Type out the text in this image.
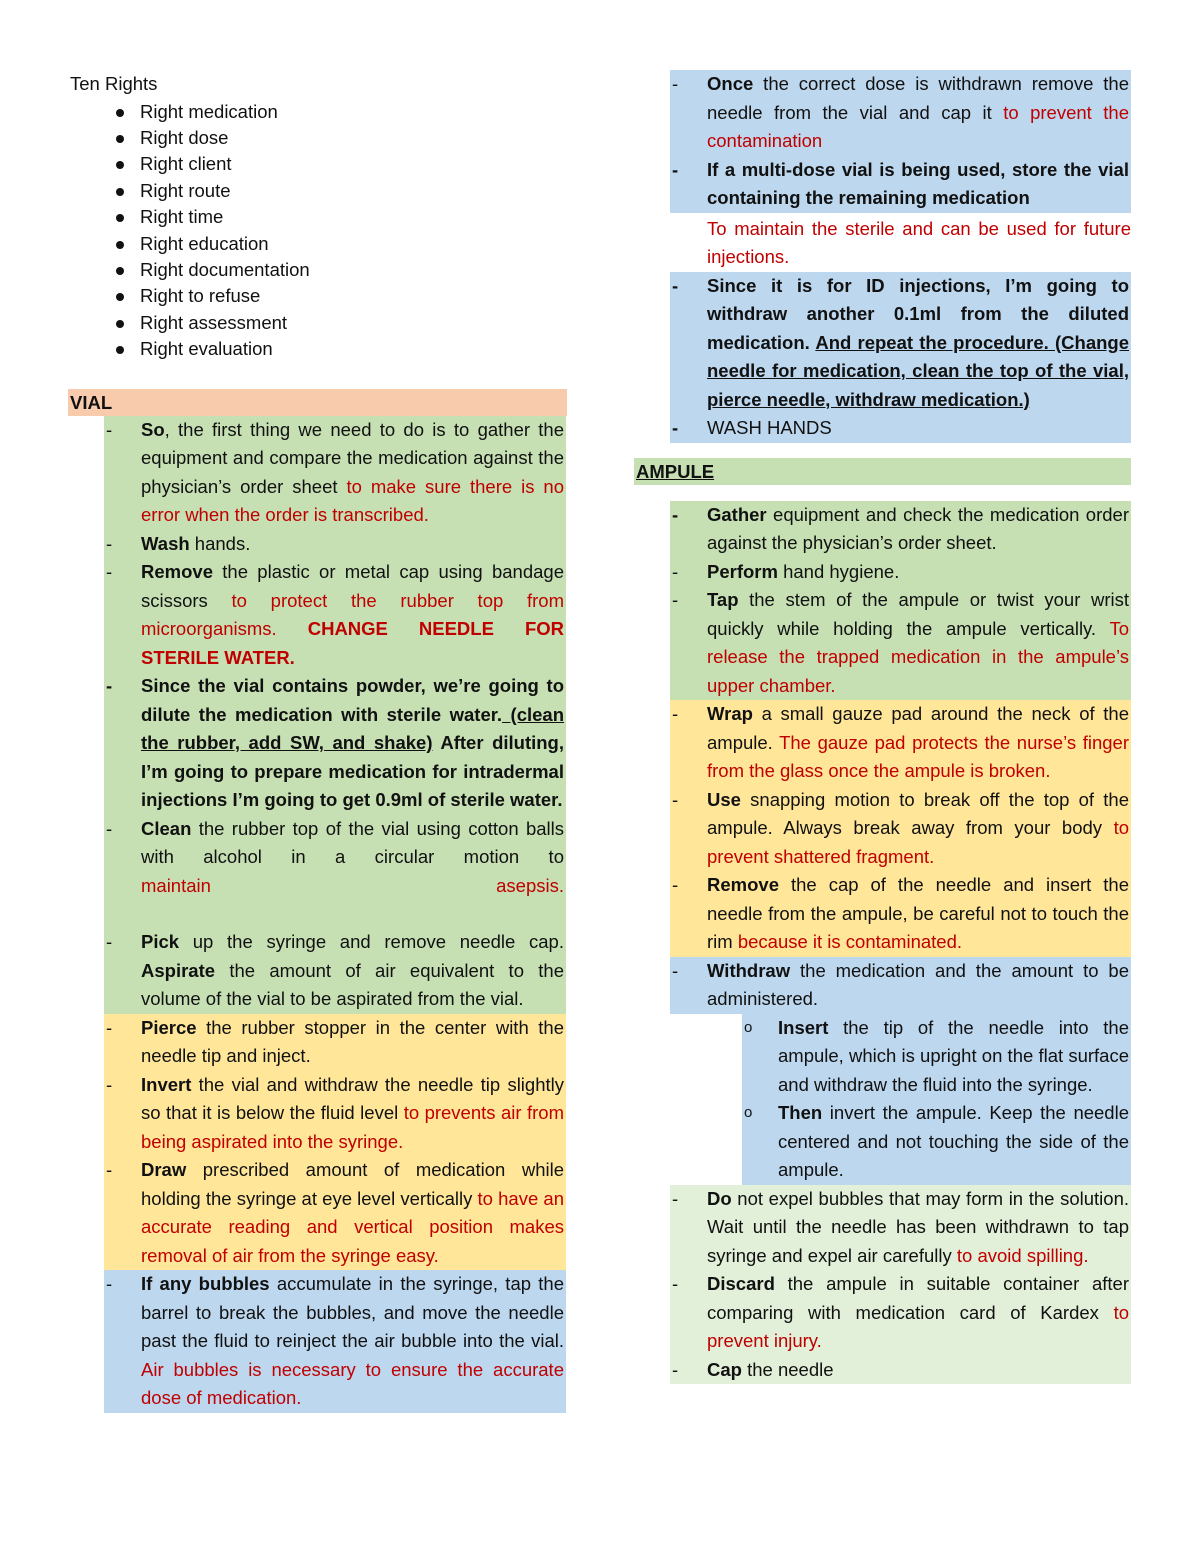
Ten Rights
Right medication
Right dose
Right client
Right route
Right time
Right education
Right documentation
Right to refuse
Right assessment
Right evaluation
VIAL
- So, the first thing we need to do is to gather the equipment and compare the medication against the physician’s order sheet to make sure there is no error when the order is transcribed.
- Wash hands.
- Remove the plastic or metal cap using bandage scissors to protect the rubber top from microorganisms. CHANGE NEEDLE FOR STERILE WATER.
- Since the vial contains powder, we’re going to dilute the medication with sterile water. (clean the rubber, add SW, and shake) After diluting, I’m going to prepare medication for intradermal injections I’m going to get 0.9ml of sterile water.
- Clean the rubber top of the vial using cotton balls with alcohol in a circular motion to maintain	asepsis.
- Pick up the syringe and remove needle cap. Aspirate the amount of air equivalent to the volume of the vial to be aspirated from the vial.
- Pierce the rubber stopper in the center with the needle tip and inject.
- Invert the vial and withdraw the needle tip slightly so that it is below the fluid level to prevents air from being aspirated into the syringe.
- Draw prescribed amount of medication while holding the syringe at eye level vertically to have an accurate reading and vertical position makes removal of air from the syringe easy.
- If any bubbles accumulate in the syringe, tap the barrel to break the bubbles, and move the needle past the fluid to reinject the air bubble into the vial. Air bubbles is necessary to ensure the accurate dose of medication.
- Once the correct dose is withdrawn remove the needle from the vial and cap it to prevent the contamination
- If a multi-dose vial is being used, store the vial containing the remaining medication
To maintain the sterile and can be used for future injections.
- Since it is for ID injections, I’m going to withdraw another 0.1ml from the diluted medication. And repeat the procedure. (Change needle for medication, clean the top of the vial, pierce needle, withdraw medication.)
- WASH HANDS
AMPULE
- Gather equipment and check the medication order against the physician’s order sheet.
- Perform hand hygiene.
- Tap the stem of the ampule or twist your wrist quickly while holding the ampule vertically. To release the trapped medication in the ampule’s upper chamber.
- Wrap a small gauze pad around the neck of the ampule. The gauze pad protects the nurse’s finger from the glass once the ampule is broken.
- Use snapping motion to break off the top of the ampule. Always break away from your body to prevent shattered fragment.
- Remove the cap of the needle and insert the needle from the ampule, be careful not to touch the rim because it is contaminated.
- Withdraw the medication and the amount to be administered.
o Insert the tip of the needle into the ampule, which is upright on the flat surface and withdraw the fluid into the syringe.
o Then invert the ampule. Keep the needle centered and not touching the side of the ampule.
- Do not expel bubbles that may form in the solution. Wait until the needle has been withdrawn to tap syringe and expel air carefully to avoid spilling.
- Discard the ampule in suitable container after comparing with medication card of Kardex to prevent injury.
- Cap the needle
